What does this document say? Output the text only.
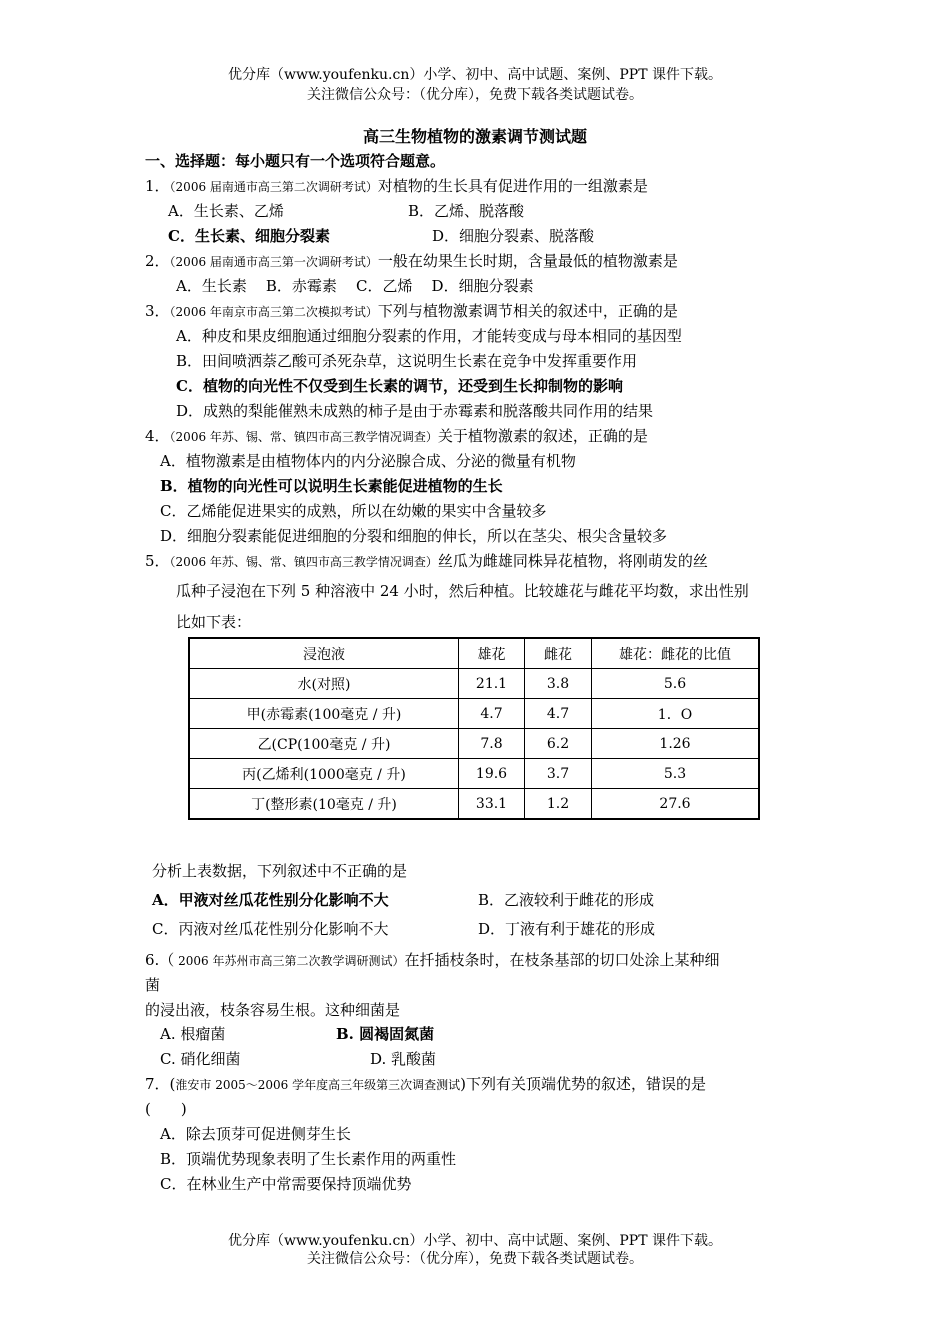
优分库（www.youfenku.cn）小学、初中、高中试题、案例、PPT 课件下载。
关注微信公众号：（优分库），免费下载各类试题试卷。
高三生物植物的激素调节测试题
一、选择题：每小题只有一个选项符合题意。
1．（2006 届南通市高三第二次调研考试）对植物的生长具有促进作用的一组激素是
A．生长素、乙烯	B．乙烯、脱落酸
C．生长素、细胞分裂素	D．细胞分裂素、脱落酸
2．（2006 届南通市高三第一次调研考试）一般在幼果生长时期，含量最低的植物激素是
A．生长素    B．赤霉素    C．乙烯    D．细胞分裂素
3．（2006 年南京市高三第二次模拟考试）下列与植物激素调节相关的叙述中，正确的是
A．种皮和果皮细胞通过细胞分裂素的作用，才能转变成与母本相同的基因型
B．田间喷洒萘乙酸可杀死杂草，这说明生长素在竞争中发挥重要作用
C．植物的向光性不仅受到生长素的调节，还受到生长抑制物的影响
D．成熟的梨能催熟未成熟的柿子是由于赤霉素和脱落酸共同作用的结果
4．（2006 年苏、锡、常、镇四市高三教学情况调查）关于植物激素的叙述，正确的是
A．植物激素是由植物体内的内分泌腺合成、分泌的微量有机物
B．植物的向光性可以说明生长素能促进植物的生长
C．乙烯能促进果实的成熟，所以在幼嫩的果实中含量较多
D．细胞分裂素能促进细胞的分裂和细胞的伸长，所以在茎尖、根尖含量较多
5．（2006 年苏、锡、常、镇四市高三教学情况调查）丝瓜为雌雄同株异花植物，将刚萌发的丝
瓜种子浸泡在下列 5 种溶液中 24 小时，然后种植。比较雄花与雌花平均数，求出性别
比如下表：
浸泡液	雄花	雌花	雄花：雌花的比值
水(对照)	21.1	3.8	5.6
甲(赤霉素(100毫克 / 升)	4.7	4.7	1．O
乙(CP(100毫克 / 升)	7.8	6.2	1.26
丙(乙烯利(1000毫克 / 升)	19.6	3.7	5.3
丁(整形素(10毫克 / 升)	33.1	1.2	27.6
分析上表数据，下列叙述中不正确的是
A．甲液对丝瓜花性别分化影响不大	B．乙液较利于雌花的形成
C．丙液对丝瓜花性别分化影响不大	D．丁液有利于雄花的形成
6.（ 2006 年苏州市高三第二次教学调研测试）在扦插枝条时，在枝条基部的切口处涂上某种细
菌
的浸出液，枝条容易生根。这种细菌是
A. 根瘤菌	B. 圆褐固氮菌
C. 硝化细菌	D. 乳酸菌
7．(淮安市 2005～2006 学年度高三年级第三次调查测试)下列有关顶端优势的叙述，错误的是
(　　)
A．除去顶芽可促进侧芽生长
B．顶端优势现象表明了生长素作用的两重性
C．在林业生产中常需要保持顶端优势
优分库（www.youfenku.cn）小学、初中、高中试题、案例、PPT 课件下载。
关注微信公众号：（优分库），免费下载各类试题试卷。
